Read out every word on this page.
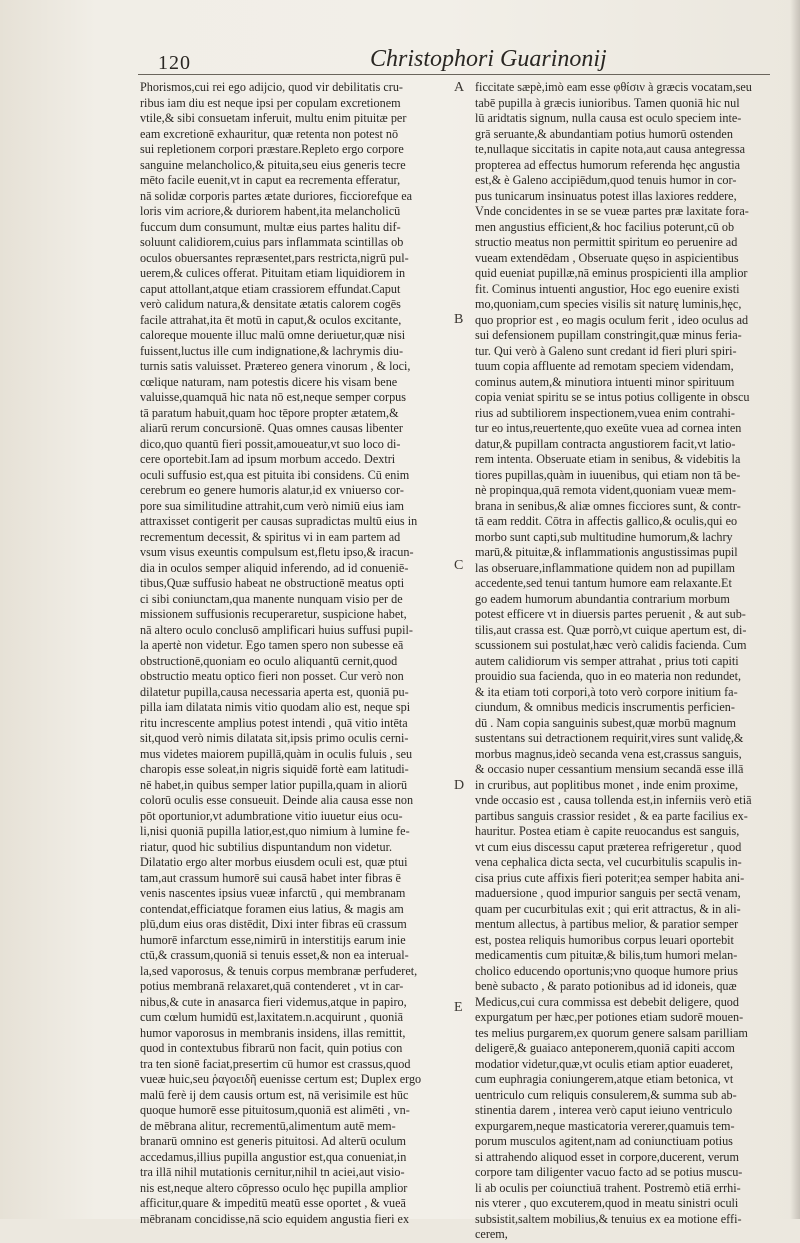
120	Christophori Guarinonij
Phorismos,cui rei ego adijcio, quod vir debilitatis cru-
ribus iam diu est neque ipsi per copulam excretionem
vtile,& sibi consuetam inferuit, multu enim pituitæ per
eam excretionē exhauritur, quæ retenta non potest nō
sui repletionem corpori præstare.Repleto ergo corpore
sanguine melancholico,& pituita,seu eius generis tecre
mēto facile euenit,vt in caput ea recrementa efferatur,
nā solidæ corporis partes ætate duriores, ficciorefque ea
loris vim acriore,& duriorem habent,ita melancholicū
fuccum dum consumunt, multæ eius partes halitu dif-
soluunt calidiorem,cuius pars inflammata scintillas ob
oculos obuersantes repræsentet,pars restricta,nigrū pul-
uerem,& culices offerat. Pituitam etiam liquidiorem in
caput attollant,atque etiam crassiorem effundat.Caput
verò calidum natura,& densitate ætatis calorem cogēs
facile attrahat,ita ēt motū in caput,& oculos excitante,
caloreque mouente illuc malū omne deriuetur,quæ nisi
fuissent,luctus ille cum indignatione,& lachrymis diu-
turnis satis valuisset. Prætereo genera vinorum , & loci,
cœlique naturam, nam potestis dicere his visam bene
valuisse,quamquā hic nata nō est,neque semper corpus
tā paratum habuit,quam hoc tēpore propter ætatem,&
aliarū rerum concursionē. Quas omnes causas libenter
dico,quo quantū fieri possit,amoueatur,vt suo loco di-
cere oportebit.Iam ad ipsum morbum accedo. Dextri
oculi suffusio est,qua est pituita ibi considens. Cū enim
cerebrum eo genere humoris alatur,id ex vniuerso cor-
pore sua similitudine attrahit,cum verò nimiū eius iam
attraxisset contigerit per causas supradictas multū eius in
recrementum decessit, & spiritus vi in eam partem ad
vsum visus exeuntis compulsum est,fletu ipso,& iracun-
dia in oculos semper aliquid inferendo, ad id conueniē-
tibus,Quæ suffusio habeat ne obstructionē meatus opti
ci sibi coniunctam,qua manente nunquam visio per de
missionem suffusionis recuperaretur, suspicione habet,
nā altero oculo conclusō amplificari huius suffusi pupil-
la apertè non videtur. Ego tamen spero non subesse eā
obstructionē,quoniam eo oculo aliquantū cernit,quod
obstructio meatu optico fieri non posset. Cur verò non
dilatetur pupilla,causa necessaria aperta est, quoniā pu-
pilla iam dilatata nimis vitio quodam alio est, neque spi
ritu increscente amplius potest intendi , quā vitio intēta
sit,quod verò nimis dilatata sit,ipsis primo oculis cerni-
mus videtes maiorem pupillā,quàm in oculis fuluis , seu
charopis esse soleat,in nigris siquidē fortè eam latitudi-
nē habet,in quibus semper latior pupilla,quam in aliorū
colorū oculis esse consueuit. Deinde alia causa esse non
pōt oportunior,vt adumbratione vitio iuuetur eius ocu-
li,nisi quoniā pupilla latior,est,quo nimium à lumine fe-
riatur, quod hic subtilius dispuntandum non videtur.
Dilatatio ergo alter morbus eiusdem oculi est, quæ ptui
tam,aut crassum humorē sui causā habet inter fibras ē
venis nascentes ipsius vueæ infarctū , qui membranam
contendat,efficiatque foramen eius latius, & magis am
plū,dum eius oras distēdit, Dixi inter fibras eū crassum
humorē infarctum esse,nimirū in interstitijs earum inie
ctū,& crassum,quoniā si tenuis esset,& non ea interual-
la,sed vaporosus, & tenuis corpus membranæ perfuderet,
potius membranā relaxaret,quā contenderet , vt in car-
nibus,& cute in anasarca fieri videmus,atque in papiro,
cum cœlum humidū est,laxitatem.n.acquirunt , quoniā
humor vaporosus in membranis insidens, illas remittit,
quod in contextubus fibrarū non facit, quin potius con
tra ten sionē faciat,presertim cū humor est crassus,quod
vueæ huic,seu ῥαγοειδῆ euenisse certum est; Duplex ergo
malū ferè ij dem causis ortum est, nā verisimile est hūc
quoque humorē esse pituitosum,quoniā est alimēti , vn-
de mēbrana alitur, recrementū,alimentum autē mem-
branarū omnino est generis pituitosi. Ad alterū oculum
accedamus,illius pupilla angustior est,qua conueniat,in
tra illā nihil mutationis cernitur,nihil tn aciei,aut visio-
nis est,neque altero cōpresso oculo hęc pupilla amplior
afficitur,quare & impeditū meatū esse oportet , & vueā
mēbranam concidisse,nā scio equidem angustia fieri ex
ficcitate sæpè,imò eam esse φθίσιν à græcis vocatam,seu
tabē pupilla à græcis iunioribus. Tamen quoniā hic nul
lū aridtatis signum, nulla causa est oculo speciem inte-
grā seruante,& abundantiam potius humorū ostenden
te,nullaque siccitatis in capite nota,aut causa antegressa
propterea ad effectus humorum referenda hęc angustia
est,& è Galeno accipiēdum,quod tenuis humor in cor-
pus tunicarum insinuatus potest illas laxiores reddere,
Vnde concidentes in se se vueæ partes præ laxitate fora-
men angustius efficient,& hoc facilius poterunt,cū ob
structio meatus non permittit spiritum eo peruenire ad
vueam extendēdam , Obseruate quęso in aspicientibus
quid eueniat pupillæ,nā eminus prospicienti illa amplior
fit. Cominus intuenti angustior, Hoc ego euenire existi
mo,quoniam,cum species visilis sit naturę luminis,hęc,
quo proprior est , eo magis oculum ferit , ideo oculus ad
sui defensionem pupillam constringit,quæ minus feria-
tur. Qui verò à Galeno sunt credant id fieri pluri spiri-
tuum copia affluente ad remotam speciem videndam,
cominus autem,& minutiora intuenti minor spirituum
copia veniat spiritu se se intus potius colligente in obscu
rius ad subtiliorem inspectionem,vuea enim contrahi-
tur eo intus,reuertente,quo exeūte vuea ad cornea inten
datur,& pupillam contracta angustiorem facit,vt latio-
rem intenta. Obseruate etiam in senibus, & videbitis la
tiores pupillas,quàm in iuuenibus, qui etiam non tā be-
nè propinqua,quā remota vident,quoniam vueæ mem-
brana in senibus,& aliæ omnes ficciores sunt, & contr-
tā eam reddit. Cōtra in affectis gallico,& oculis,qui eo
morbo sunt capti,sub multitudine humorum,& lachry
marū,& pituitæ,& inflammationis angustissimas pupil
las obseruare,inflammatione quidem non ad pupillam
accedente,sed tenui tantum humore eam relaxante.Et
go eadem humorum abundantia contrarium morbum
potest efficere vt in diuersis partes peruenit , & aut sub-
tilis,aut crassa est. Quæ porrò,vt cuique apertum est, di-
scussionem sui postulat,hæc verò calidis facienda. Cum
autem calidiorum vis semper attrahat , prius toti capiti
prouidio sua facienda, quo in eo materia non redundet,
& ita etiam toti corpori,à toto verò corpore initium fa-
ciundum, & omnibus medicis inscrumentis perficien-
dū . Nam copia sanguinis subest,quæ morbū magnum
sustentans sui detractionem requirit,vires sunt validę,&
morbus magnus,ideò secanda vena est,crassus sanguis,
& occasio nuper cessantium mensium secandā esse illā
in cruribus, aut poplitibus monet , inde enim proxime,
vnde occasio est , causa tollenda est,in inferniis verò etiā
partibus sanguis crassior residet , & ea parte facilius ex-
hauritur. Postea etiam è capite reuocandus est sanguis,
vt cum eius discessu caput præterea refrigeretur , quod
vena cephalica dicta secta, vel cucurbitulis scapulis in-
cisa prius cute affixis fieri poterit;ea semper habita ani-
maduersione , quod impurior sanguis per sectā venam,
quam per cucurbitulas exit ; qui erit attractus, & in ali-
mentum allectus, à partibus melior, & paratior semper
est, postea reliquis humoribus corpus leuari oportebit
medicamentis cum pituitæ,& bilis,tum humori melan-
cholico educendo oportunis;vno quoque humore prius
benè subacto , & parato potionibus ad id idoneis, quæ
Medicus,cui cura commissa est debebit deligere, quod
expurgatum per hæc,per potiones etiam sudorē mouen-
tes melius purgarem,ex quorum genere salsam parilliam
deligerē,& guaiaco anteponerem,quoniā capiti accom
modatior videtur,quæ,vt oculis etiam aptior euaderet,
cum euphragia coniungerem,atque etiam betonica, vt
uentriculo cum reliquis consulerem,& summa sub ab-
stinentia darem , interea verò caput ieiuno ventriculo
expurgarem,neque masticatoria vererer,quamuis tem-
porum musculos agitent,nam ad coniunctiuam potius
si attrahendo aliquod esset in corpore,ducerent, verum
corpore tam diligenter vacuo facto ad se potius muscu-
li ab oculis per coiunctiuā trahent. Postremò etiā errhi-
nis vterer , quo excuterem,quod in meatu sinistri oculi
subsistit,saltem mobilius,& tenuius ex ea motione effi-
cerem,
A
B
C
D
E
